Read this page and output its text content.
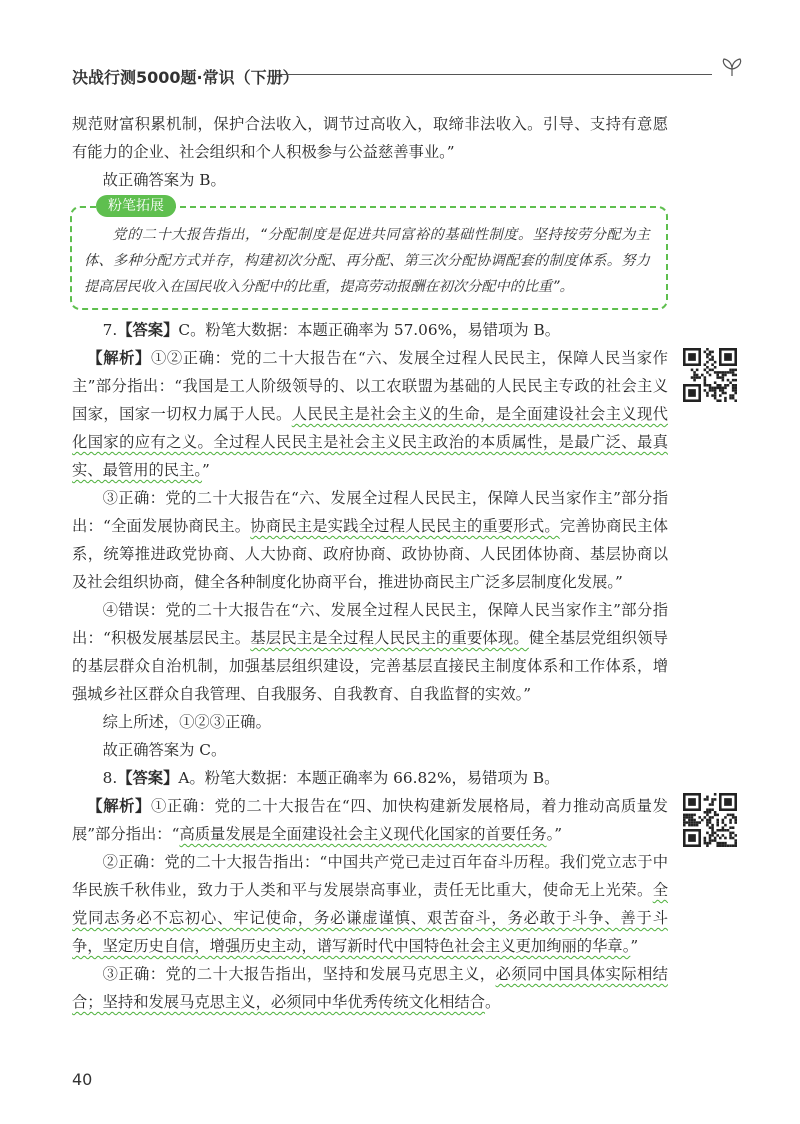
决战行测5000题·常识（下册）

规范财富积累机制，保护合法收入，调节过高收入，取缔非法收入。引导、支持有意愿有能力的企业、社会组织和个人积极参与公益慈善事业。”

故正确答案为 B。

粉笔拓展

党的二十大报告指出，“分配制度是促进共同富裕的基础性制度。坚持按劳分配为主体、多种分配方式并存，构建初次分配、再分配、第三次分配协调配套的制度体系。努力提高居民收入在国民收入分配中的比重，提高劳动报酬在初次分配中的比重”。

7.【答案】C。粉笔大数据：本题正确率为 57.06%，易错项为 B。

【解析】①②正确：党的二十大报告在“六、发展全过程人民民主，保障人民当家作主”部分指出：“我国是工人阶级领导的、以工农联盟为基础的人民民主专政的社会主义国家，国家一切权力属于人民。人民民主是社会主义的生命，是全面建设社会主义现代化国家的应有之义。全过程人民民主是社会主义民主政治的本质属性，是最广泛、最真实、最管用的民主。”

③正确：党的二十大报告在“六、发展全过程人民民主，保障人民当家作主”部分指出：“全面发展协商民主。协商民主是实践全过程人民民主的重要形式。完善协商民主体系，统筹推进政党协商、人大协商、政府协商、政协协商、人民团体协商、基层协商以及社会组织协商，健全各种制度化协商平台，推进协商民主广泛多层制度化发展。”

④错误：党的二十大报告在“六、发展全过程人民民主，保障人民当家作主”部分指出：“积极发展基层民主。基层民主是全过程人民民主的重要体现。健全基层党组织领导的基层群众自治机制，加强基层组织建设，完善基层直接民主制度体系和工作体系，增强城乡社区群众自我管理、自我服务、自我教育、自我监督的实效。”

综上所述，①②③正确。

故正确答案为 C。

8.【答案】A。粉笔大数据：本题正确率为 66.82%，易错项为 B。

【解析】①正确：党的二十大报告在“四、加快构建新发展格局，着力推动高质量发展”部分指出：“高质量发展是全面建设社会主义现代化国家的首要任务。”

②正确：党的二十大报告指出：“中国共产党已走过百年奋斗历程。我们党立志于中华民族千秋伟业，致力于人类和平与发展崇高事业，责任无比重大，使命无上光荣。全党同志务必不忘初心、牢记使命，务必谦虚谨慎、艰苦奋斗，务必敢于斗争、善于斗争，坚定历史自信，增强历史主动，谱写新时代中国特色社会主义更加绚丽的华章。”

③正确：党的二十大报告指出，坚持和发展马克思主义，必须同中国具体实际相结合；坚持和发展马克思主义，必须同中华优秀传统文化相结合。

40
